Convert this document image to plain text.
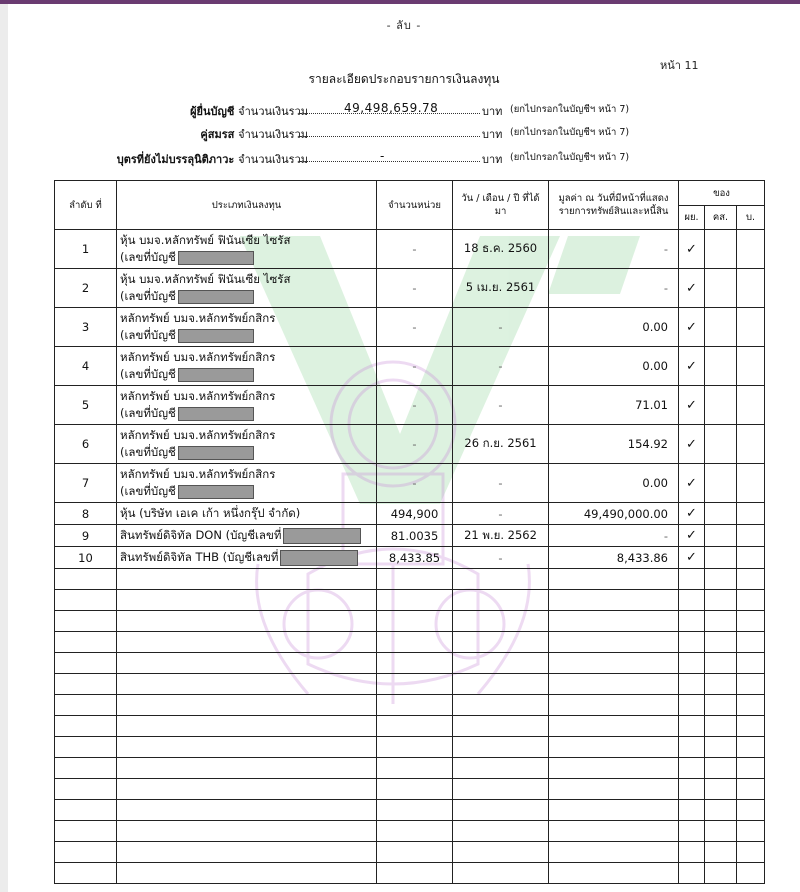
- ลับ -
หน้า 11
รายละเอียดประกอบรายการเงินลงทุน
ผู้ยื่นบัญชี จำนวนเงินรวม	49,498,659.78	บาท (ยกไปกรอกในบัญชีฯ หน้า 7)
คู่สมรส จำนวนเงินรวม	บาท (ยกไปกรอกในบัญชีฯ หน้า 7)
บุตรที่ยังไม่บรรลุนิติภาวะ จำนวนเงินรวม	-	บาท (ยกไปกรอกในบัญชีฯ หน้า 7)
ลำดับ ที่	ประเภทเงินลงทุน	จำนวนหน่วย	วัน / เดือน / ปี ที่ได้มา	มูลค่า ณ วันที่มีหน้าที่แสดง รายการทรัพย์สินและหนี้สิน	ของ		
					ผย.	คส.	บ.
1	หุ้น บมจ.หลักทรัพย์ ฟินันเซีย ไซรัส
(เลขที่บัญชี	-	18 ธ.ค. 2560	-	✓		
2	หุ้น บมจ.หลักทรัพย์ ฟินันเซีย ไซรัส
(เลขที่บัญชี	-	5 เม.ย. 2561	-	✓		
3	หลักทรัพย์ บมจ.หลักทรัพย์กสิกร
(เลขที่บัญชี	-	-	0.00	✓		
4	หลักทรัพย์ บมจ.หลักทรัพย์กสิกร
(เลขที่บัญชี	-	-	0.00	✓		
5	หลักทรัพย์ บมจ.หลักทรัพย์กสิกร
(เลขที่บัญชี	-	-	71.01	✓		
6	หลักทรัพย์ บมจ.หลักทรัพย์กสิกร
(เลขที่บัญชี	-	26 ก.ย. 2561	154.92	✓		
7	หลักทรัพย์ บมจ.หลักทรัพย์กสิกร
(เลขที่บัญชี	-	-	0.00	✓		
8	หุ้น (บริษัท เอเค เก้า หนึ่งกรุ๊ป จำกัด)	494,900	-	49,490,000.00	✓		
9	สินทรัพย์ดิจิทัล DON (บัญชีเลขที่	81.0035	21 พ.ย. 2562	-	✓		
10	สินทรัพย์ดิจิทัล THB (บัญชีเลขที่	8,433.85	-	8,433.86	✓		
